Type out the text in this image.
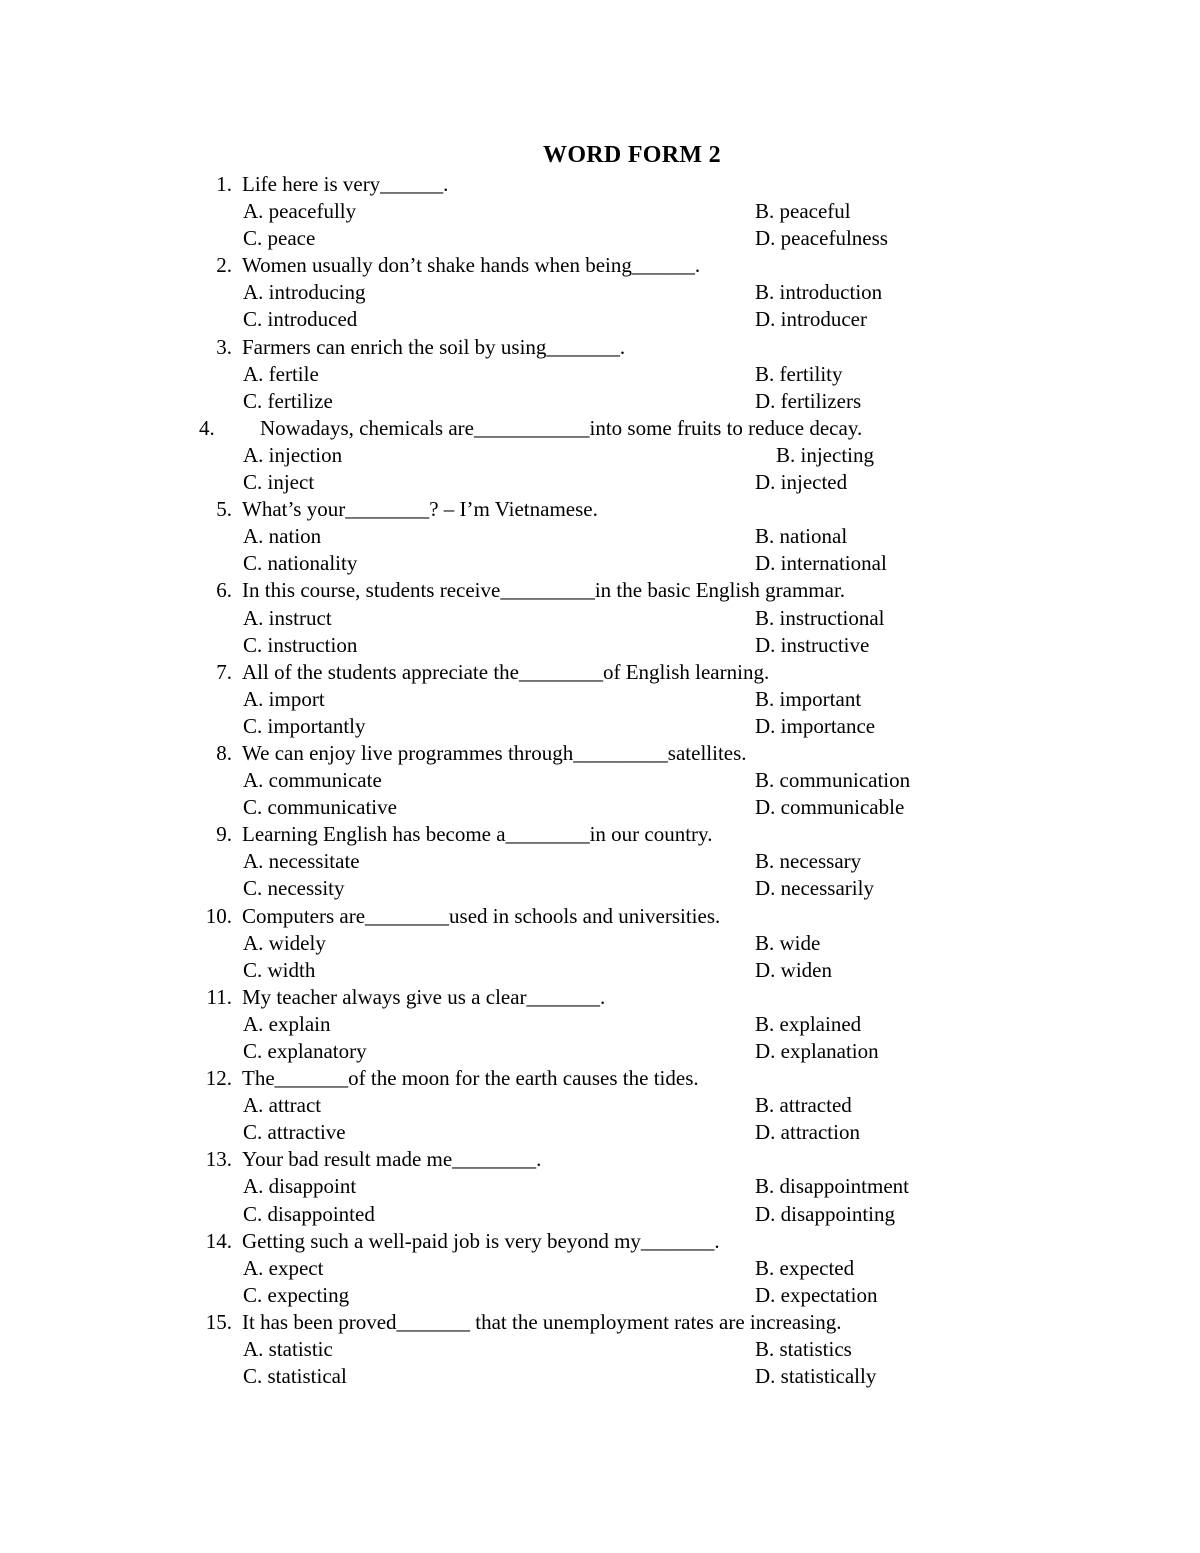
WORD FORM 2
1. Life here is very______.
A. peacefully	B. peaceful
C. peace	D. peacefulness
2. Women usually don’t shake hands when being______.
A. introducing	B. introduction
C. introduced	D. introducer
3. Farmers can enrich the soil by using_______.
A. fertile	B. fertility
C. fertilize	D. fertilizers
4. Nowadays, chemicals are___________into some fruits to reduce decay.
A. injection	B. injecting
C. inject	D. injected
5. What’s your________? – I’m Vietnamese.
A. nation	B. national
C. nationality	D. international
6. In this course, students receive_________in the basic English grammar.
A. instruct	B. instructional
C. instruction	D. instructive
7. All of the students appreciate the________of English learning.
A. import	B. important
C. importantly	D. importance
8. We can enjoy live programmes through_________satellites.
A. communicate	B. communication
C. communicative	D. communicable
9. Learning English has become a________in our country.
A. necessitate	B. necessary
C. necessity	D. necessarily
10. Computers are________used in schools and universities.
A. widely	B. wide
C. width	D. widen
11. My teacher always give us a clear_______.
A. explain	B. explained
C. explanatory	D. explanation
12. The_______of the moon for the earth causes the tides.
A. attract	B. attracted
C. attractive	D. attraction
13. Your bad result made me________.
A. disappoint	B. disappointment
C. disappointed	D. disappointing
14. Getting such a well-paid job is very beyond my_______.
A. expect	B. expected
C. expecting	D. expectation
15. It has been proved_______ that the unemployment rates are increasing.
A. statistic	B. statistics
C. statistical	D. statistically
